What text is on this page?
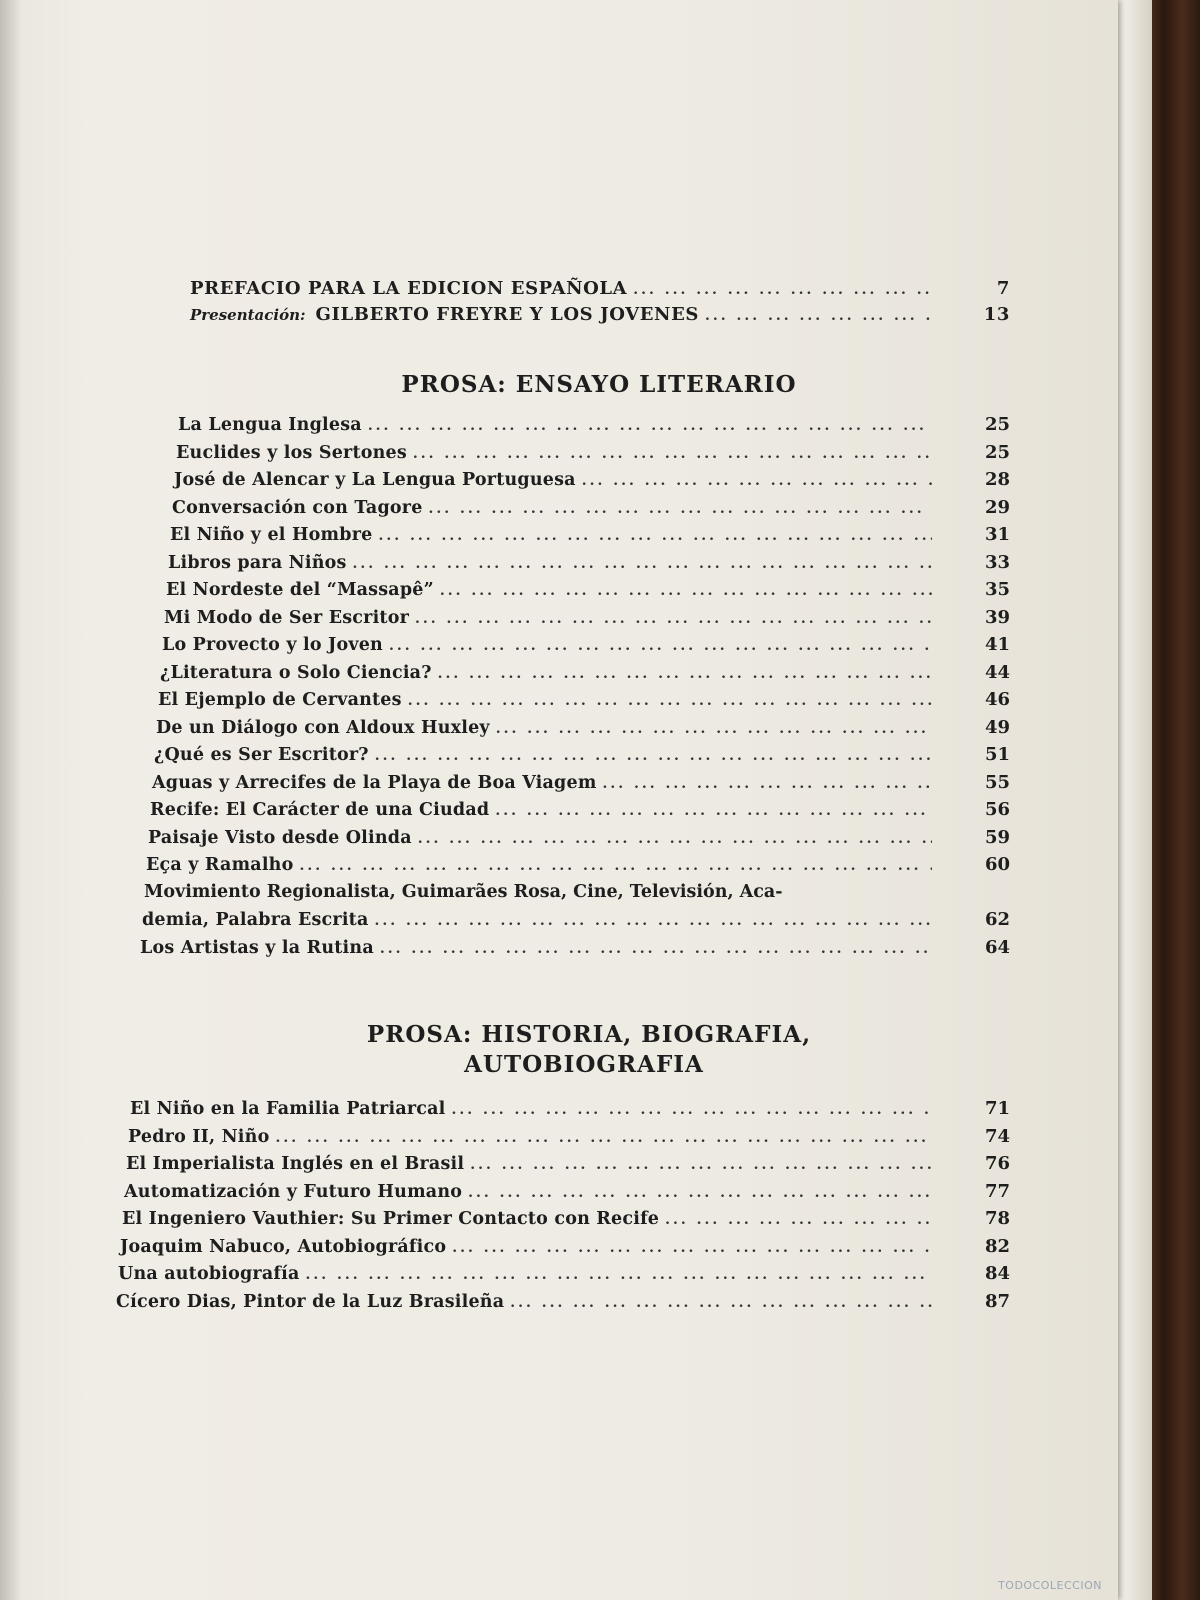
PREFACIO PARA LA EDICION ESPAÑOLA ... .	7
Presentación: GILBERTO FREYRE Y LOS JOVENES ... .	13
PROSA: ENSAYO LITERARIO
La Lengua Inglesa ... .	25
Euclides y los Sertones ... .	25
José de Alencar y La Lengua Portuguesa ... .	28
Conversación con Tagore ... .	29
El Niño y el Hombre ... .	31
Libros para Niños ... .	33
El Nordeste del “Massapê” ... .	35
Mi Modo de Ser Escritor ... .	39
Lo Provecto y lo Joven ... .	41
¿Literatura o Solo Ciencia? ... .	44
El Ejemplo de Cervantes ... .	46
De un Diálogo con Aldoux Huxley ... .	49
¿Qué es Ser Escritor? ... .	51
Aguas y Arrecifes de la Playa de Boa Viagem ... .	55
Recife: El Carácter de una Ciudad ... .	56
Paisaje Visto desde Olinda ... .	59
Eça y Ramalho ... .	60
Movimiento Regionalista, Guimarães Rosa, Cine, Televisión, Aca-
demia, Palabra Escrita ... .	62
Los Artistas y la Rutina ... .	64
PROSA: HISTORIA, BIOGRAFIA,
AUTOBIOGRAFIA
El Niño en la Familia Patriarcal ... .	71
Pedro II, Niño ... .	74
El Imperialista Inglés en el Brasil ... .	76
Automatización y Futuro Humano ... .	77
El Ingeniero Vauthier: Su Primer Contacto con Recife ... .	78
Joaquim Nabuco, Autobiográfico ... .	82
Una autobiografía ... .	84
Cícero Dias, Pintor de la Luz Brasileña ... .	87
TODOCOLECCION
